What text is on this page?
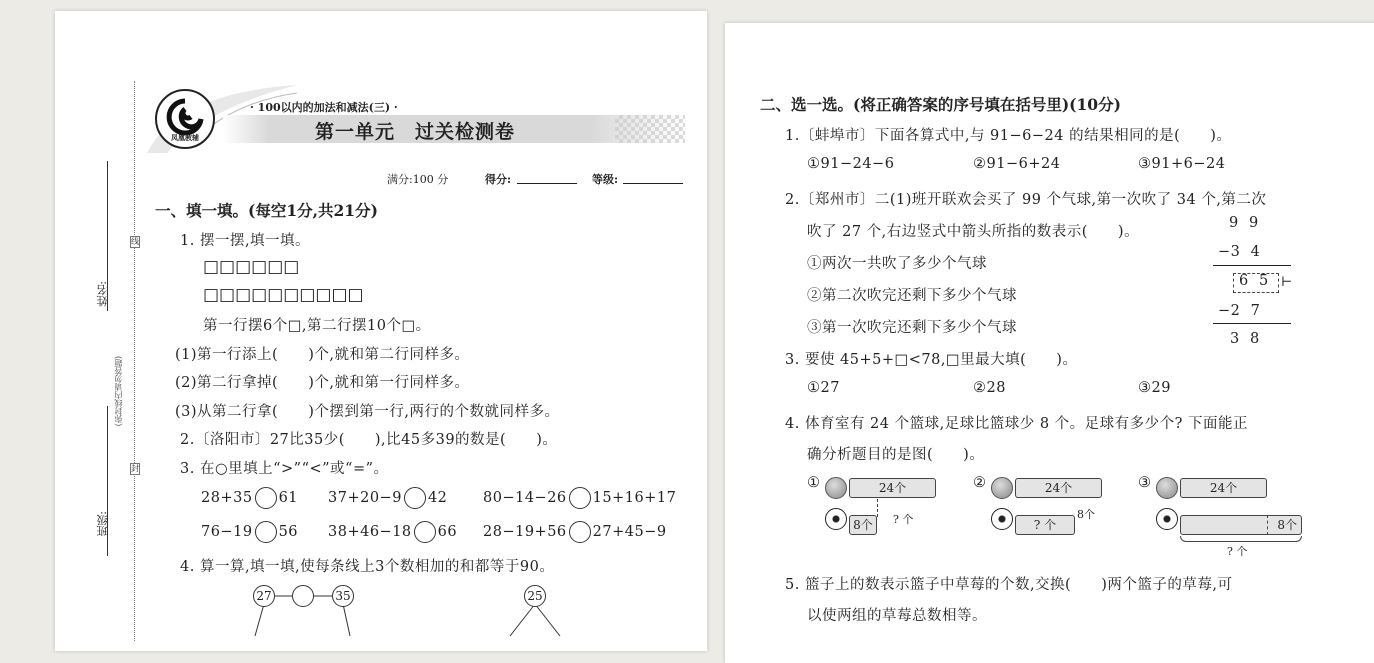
姓名:
班级:
线
封
(弥封线内请勿答题)
凤凰教辅
· 100以内的加法和减法(三) ·
第一单元　过关检测卷
满分:100 分	得分:	等级:
一、填一填。(每空1分,共21分)
1. 摆一摆,填一填。
□□□□□□
□□□□□□□□□□
第一行摆6个□,第二行摆10个□。
(1)第一行添上(　　)个,就和第二行同样多。
(2)第二行拿掉(　　)个,就和第一行同样多。
(3)从第二行拿(　　)个摆到第一行,两行的个数就同样多。
2.〔洛阳市〕27比35少(　　),比45多39的数是(　　)。
3. 在○里填上“>”“<”或“=”。
28+35 61 37+20−9 42 80−14−26 15+16+17
76−19 56 38+46−18 66 28−19+56 27+45−9
4. 算一算,填一填,使每条线上3个数相加的和都等于90。
27	35	25
二、选一选。(将正确答案的序号填在括号里)(10分)
1.〔蚌埠市〕下面各算式中,与 91−6−24 的结果相同的是(　　)。
①91−24−6	②91−6+24	③91+6−24
2.〔郑州市〕二(1)班开联欢会买了 99 个气球,第一次吹了 34 个,第二次
吹了 27 个,右边竖式中箭头所指的数表示(　　)。
①两次一共吹了多少个气球
②第二次吹完还剩下多少个气球
③第一次吹完还剩下多少个气球
9  9
−3  4
6  5 ⊢
−2  7
3  8
3. 要使 45+5+□<78,□里最大填(　　)。
①27	②28	③29
4. 体育室有 24 个篮球,足球比篮球少 8 个。足球有多少个? 下面能正
确分析题目的是图(　　)。
①	24个
8个	? 个
②	24个
? 个
8个
③	24个
8个
? 个
5. 篮子上的数表示篮子中草莓的个数,交换(　　)两个篮子的草莓,可
以使两组的草莓总数相等。
